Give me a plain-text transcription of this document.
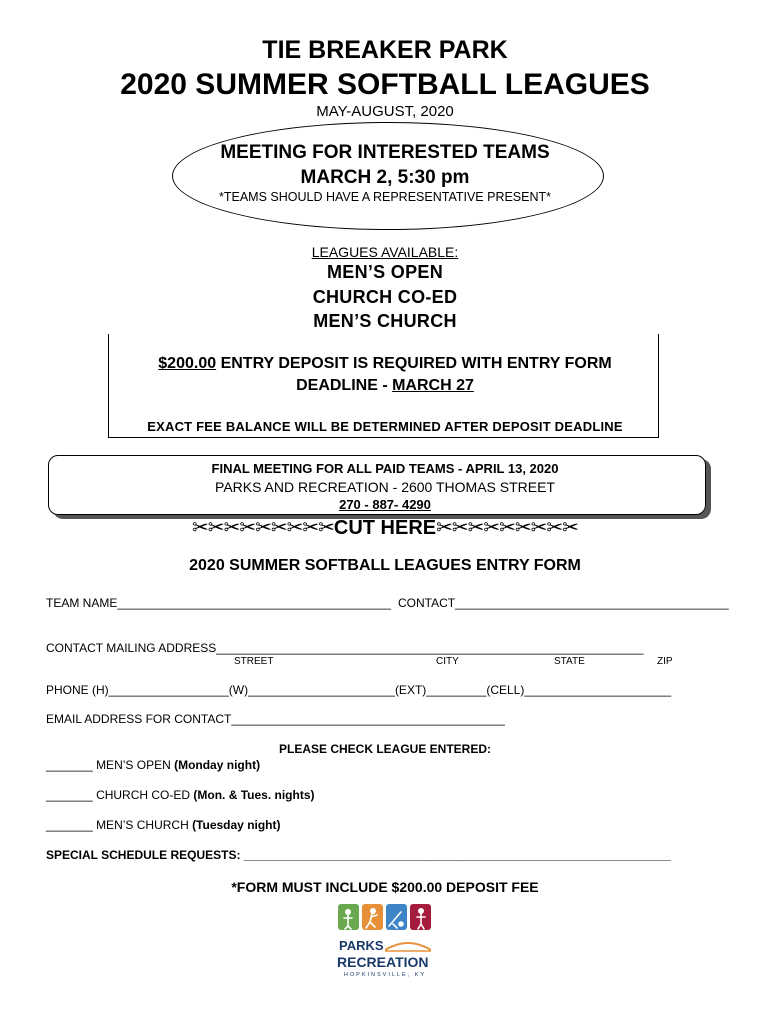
TIE BREAKER PARK
2020 SUMMER SOFTBALL LEAGUES
MAY-AUGUST, 2020
MEETING FOR INTERESTED TEAMS
MARCH 2, 5:30 pm
*TEAMS SHOULD HAVE A REPRESENTATIVE PRESENT*
LEAGUES AVAILABLE:
MEN’S OPEN
CHURCH CO-ED
MEN’S CHURCH
$200.00 ENTRY DEPOSIT IS REQUIRED WITH ENTRY FORM
DEADLINE - MARCH 27
EXACT FEE BALANCE WILL BE DETERMINED AFTER DEPOSIT DEADLINE
FINAL MEETING FOR ALL PAID TEAMS - APRIL 13, 2020
PARKS AND RECREATION - 2600 THOMAS STREET
270 - 887- 4290
✂✂✂✂✂✂✂✂✂CUT HERE✂✂✂✂✂✂✂✂✂
2020 SUMMER SOFTBALL LEAGUES ENTRY FORM
TEAM NAME_________________________________________ CONTACT_________________________________________
CONTACT MAILING ADDRESS________________________________________________________________
STREET	CITY	STATE	ZIP
PHONE (H)__________________(W)______________________(EXT)_________(CELL)______________________
EMAIL ADDRESS FOR CONTACT_________________________________________
PLEASE CHECK LEAGUE ENTERED:
_______ MEN’S OPEN (Monday night)
_______ CHURCH CO-ED (Mon. & Tues. nights)
_______ MEN’S CHURCH (Tuesday night)
SPECIAL SCHEDULE REQUESTS: ________________________________________________________________
*FORM MUST INCLUDE $200.00 DEPOSIT FEE
PARKS
RECREATION
HOPKINSVILLE, KY
